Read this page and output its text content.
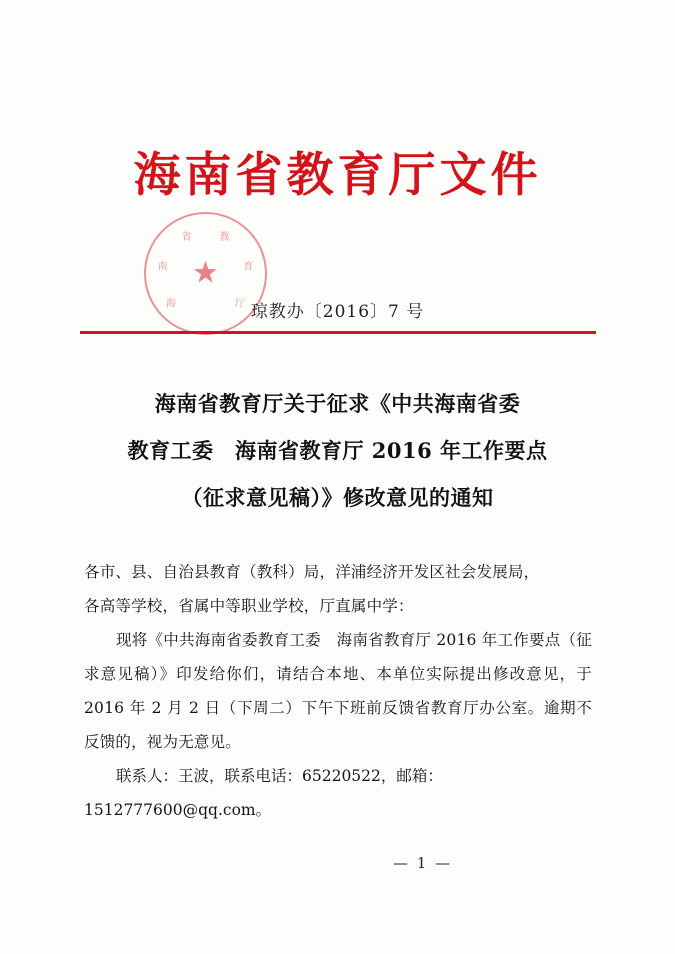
海南省教育厅文件
海
南
省	教
育
厅
★
琼教办〔2016〕7 号
海南省教育厅关于征求《中共海南省委
教育工委　海南省教育厅 2016 年工作要点
（征求意见稿）》修改意见的通知

各市、县、自治县教育（教科）局，洋浦经济开发区社会发展局，

各高等学校，省属中等职业学校，厅直属中学：

现将《中共海南省委教育工委　海南省教育厅 2016 年工作要点（征求意见稿）》印发给你们，请结合本地、本单位实际提出修改意见，于 2016 年 2 月 2 日（下周二）下午下班前反馈省教育厅办公室。逾期不反馈的，视为无意见。

联系人：王波，联系电话：65220522，邮箱：

1512777600@qq.com。

— 1 —
